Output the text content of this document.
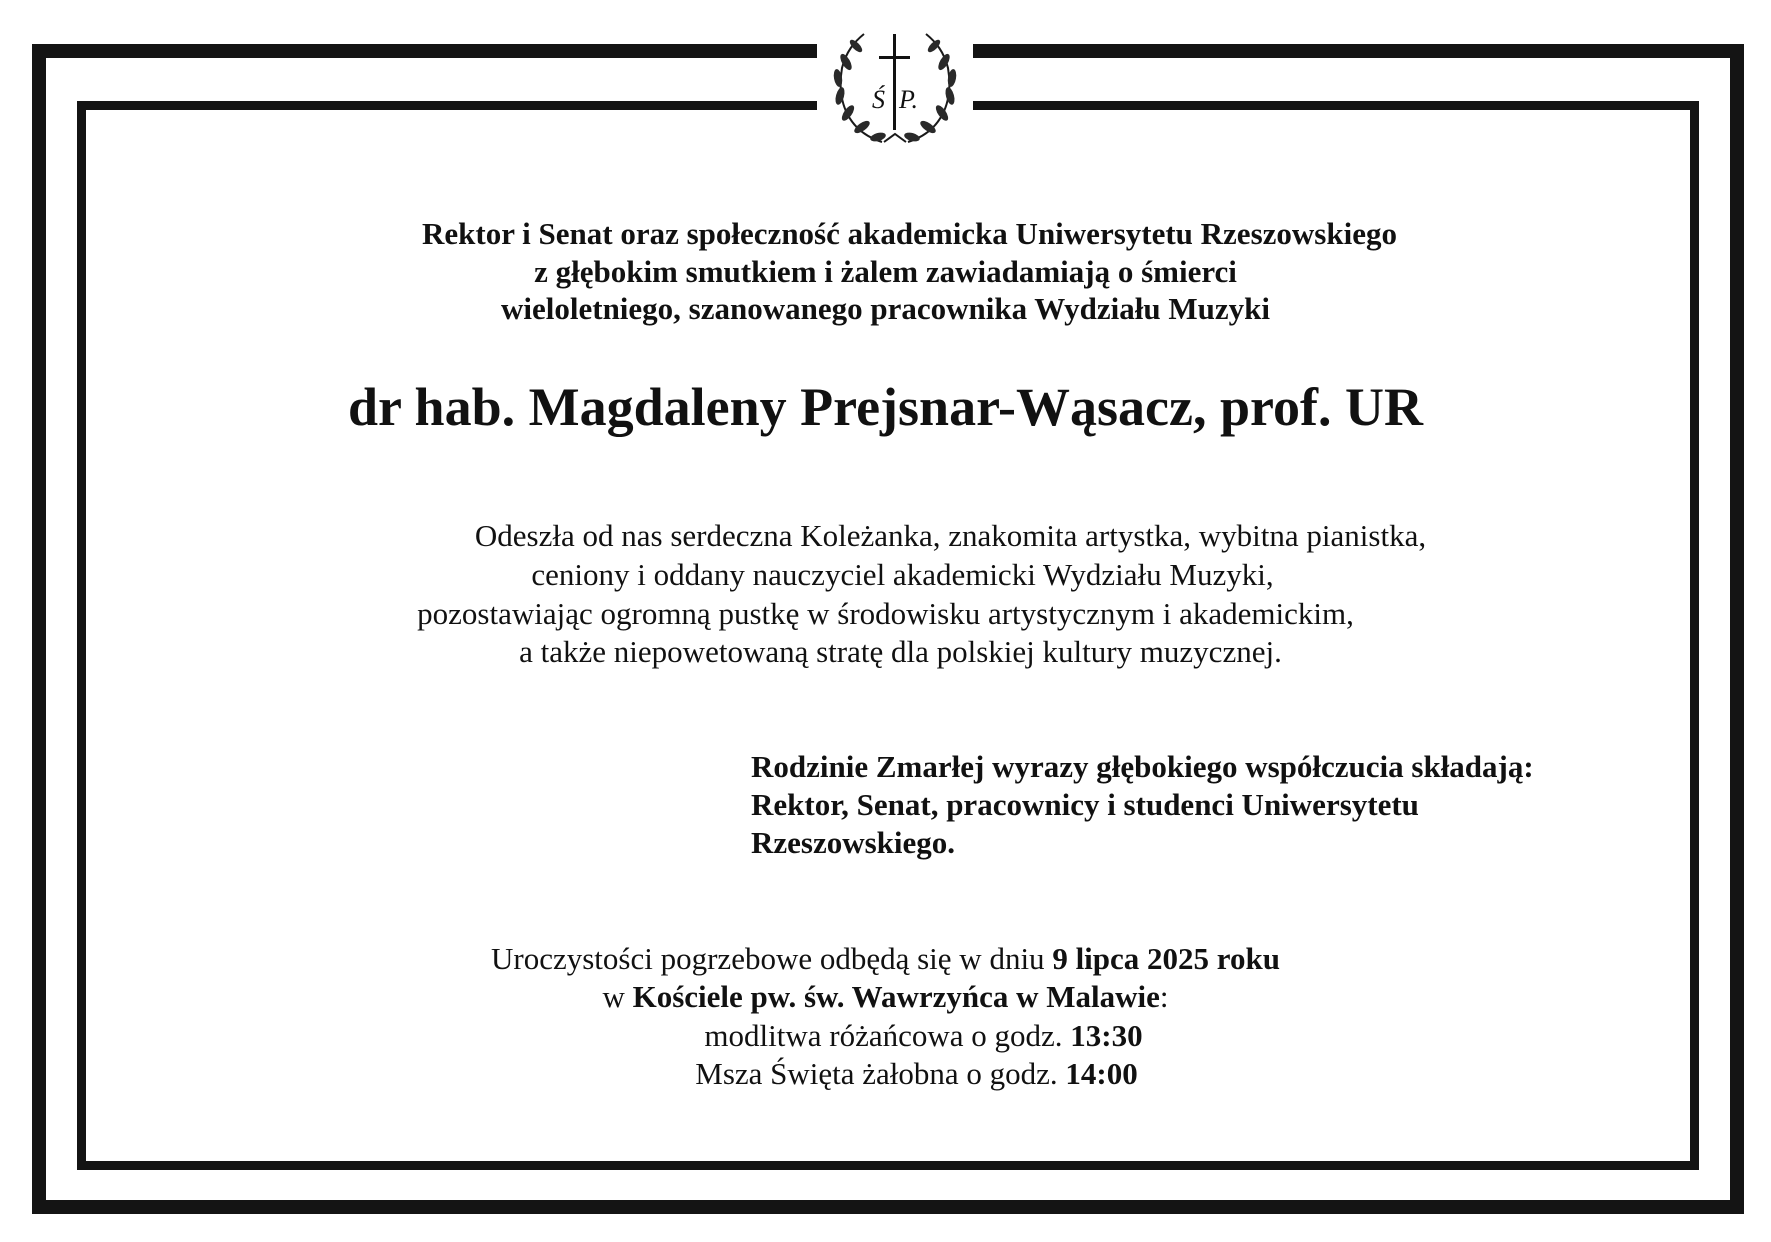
Ś P.

Rektor i Senat oraz społeczność akademicka Uniwersytetu Rzeszowskiego
z głębokim smutkiem i żalem zawiadamiają o śmierci
wieloletniego, szanowanego pracownika Wydziału Muzyki

dr hab. Magdaleny Prejsnar-Wąsacz, prof. UR

Odeszła od nas serdeczna Koleżanka, znakomita artystka, wybitna pianistka,
ceniony i oddany nauczyciel akademicki Wydziału Muzyki,
pozostawiając ogromną pustkę w środowisku artystycznym i akademickim,
a także niepowetowaną stratę dla polskiej kultury muzycznej.

Rodzinie Zmarłej wyrazy głębokiego współczucia składają:
Rektor, Senat, pracownicy i studenci Uniwersytetu
Rzeszowskiego.

Uroczystości pogrzebowe odbędą się w dniu 9 lipca 2025 roku
w Kościele pw. św. Wawrzyńca w Malawie:
modlitwa różańcowa o godz. 13:30
Msza Święta żałobna o godz. 14:00
